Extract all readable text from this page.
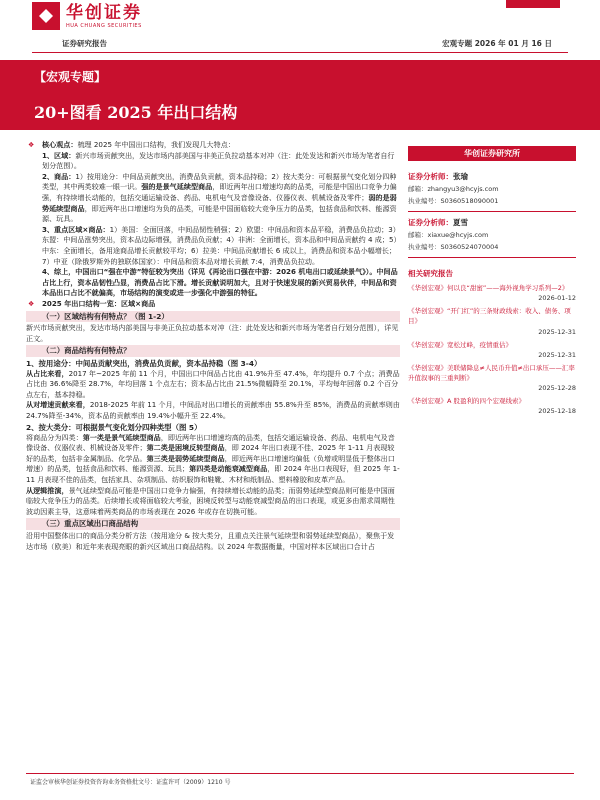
华创证券
HUA CHUANG SECURITIES
证券研究报告	宏观专题 2026 年 01 月 16 日
【宏观专题】
20+图看 2025 年出口结构
❖ 核心观点：梳理 2025 年中国出口结构，我们发现几大特点：
1、区域：新兴市场贡献突出，发达市场内部美国与非美正负拉动基本对冲（注：此处发达和新兴市场为笔者自行划分范围）。
2、商品：1）按用途分：中间品贡献突出，消费品负贡献，资本品持稳；2）按大类分：可根据景气变化划分四种类型，其中两类较难一眼一识。强的是景气延续型商品，即近两年出口增速均高的品类，可能是中国出口竞争力偏强，有持续增长动能的，包括交通运输设备、药品、电机电气及音像设备、仪器仪表、机械设备及零件；弱的是弱势延续型商品，即近两年出口增速均为负的品类，可能是中国面临较大竞争压力的品类，包括食品和饮料、能源资源、玩具。
3、重点区域×商品：1）美国：全面回落，中间品韧性稍强；2）欧盟：中间品和资本品平稳，消费品负拉动；3）东盟：中间品涨势突出，资本品边际增强，消费品负贡献；4）非洲：全面增长，资本品和中间品贡献约 4 成；5）中东：全面增长，备用途商品增长贡献较平均；6）拉美：中间品贡献增长 6 成以上，消费品和资本品小幅增长；7）中亚（除俄罗斯外的独联体国家）：中间品和资本品对增长贡献 7:4，消费品负拉动。
4、综上，中国出口“强在中游”特征较为突出（详见《再论出口强在中游：2026 机电出口或延续景气》）。中间品占比上行，资本品韧性凸显，消费品占比下滑。增长贡献说明加大，且对于快速发展的新兴贸易伙伴，中间品和资本品出口占比不就偏高，市场结构的演变或进一步强化中游强的特征。
❖ 2025 年出口结构一览：区域×商品
（一）区域结构有何特点？（图 1-2）
新兴市场贡献突出，发达市场内部美国与非美正负拉动基本对冲（注：此处发达和新兴市场为笔者自行划分范围），详见正文。
（二）商品结构有何特点？
1、按用途分：中间品贡献突出，消费品负贡献，资本品持稳（图 3-4）
从占比来看，2017 年~2025 年前 11 个月，中国出口中间品占比由 41.9%升至 47.4%，年均提升 0.7 个点；消费品占比由 36.6%降至 28.7%，年均回落 1 个点左右；资本品占比由 21.5%微幅降至 20.1%，平均每年回落 0.2 个百分点左右，基本持稳。
从对增速贡献来看，2018-2025 年前 11 个月，中间品对出口增长的贡献率由 55.8%升至 85%，消费品的贡献率则由 24.7%降至-34%，资本品的贡献率由 19.4%小幅升至 22.4%。
2、按大类分：可根据景气变化划分四种类型（图 5）
将商品分为四类：第一类是景气延续型商品，即近两年出口增速均高的品类，包括交通运输设备、药品、电机电气及音像设备、仪器仪表、机械设备及零件；第二类是困境反转型商品，即 2024 年出口表现不佳、2025 年 1-11 月表现较好的品类，包括非金属制品、化学品。第三类是弱势延续型商品，即近两年出口增速均偏低（负增或明显低于整体出口增速）的品类，包括食品和饮料、能源资源、玩具；第四类是动能衰减型商品，即 2024 年出口表现好，但 2025 年 1-11 月表现不佳的品类，包括家具、杂项制品、纺织服饰和鞋靴、木材和纸制品、塑料橡胶和皮革产品。
从逻辑推演，景气延续型商品可能是中国出口竞争力偏强，有持续增长动能的品类；而弱势延续型商品则可能是中国面临较大竞争压力的品类。后续增长或将面临较大考验，困境反转型与动能衰减型商品的出口表现，或更多由需求周期性波动因素主导，这意味着两类商品的市场表现在 2026 年或存在切换可能。
（三）重点区域出口商品结构
沿用中国整体出口的商品分类分析方法（按用途分 & 按大类分，且重点关注景气延续型和弱势延续型商品），聚焦于发达市场（欧美）和近年来表现亮眼的新兴区域出口商品结构。以 2024 年数据衡量，中国对样本区域出口合计占
华创证券研究所
证券分析师：张瑜
邮箱：zhangyu3@hcyjs.com
执业编号：S0360518090001
证券分析师：夏雪
邮箱：xiaxue@hcyjs.com
执业编号：S0360524070004
相关研究报告
《华创宏观》何以良“甜蜜”——海外视角学习系列—2》
2026-01-12
《华创宏观》“开门红”的三条财政线索：收入、债务、项目》
2025-12-31
《华创宏观》宽松过峰，疫情重估》
2025-12-31
《华创宏观》美联储降息≠人民币升值≠出口承压——汇率升值叙事的三重判断》
2025-12-28
《华创宏观》A 股盈利的四个宏观线索》
2025-12-18
证监会审核华创证券投资咨询业务资格批文号：证监许可（2009）1210 号
